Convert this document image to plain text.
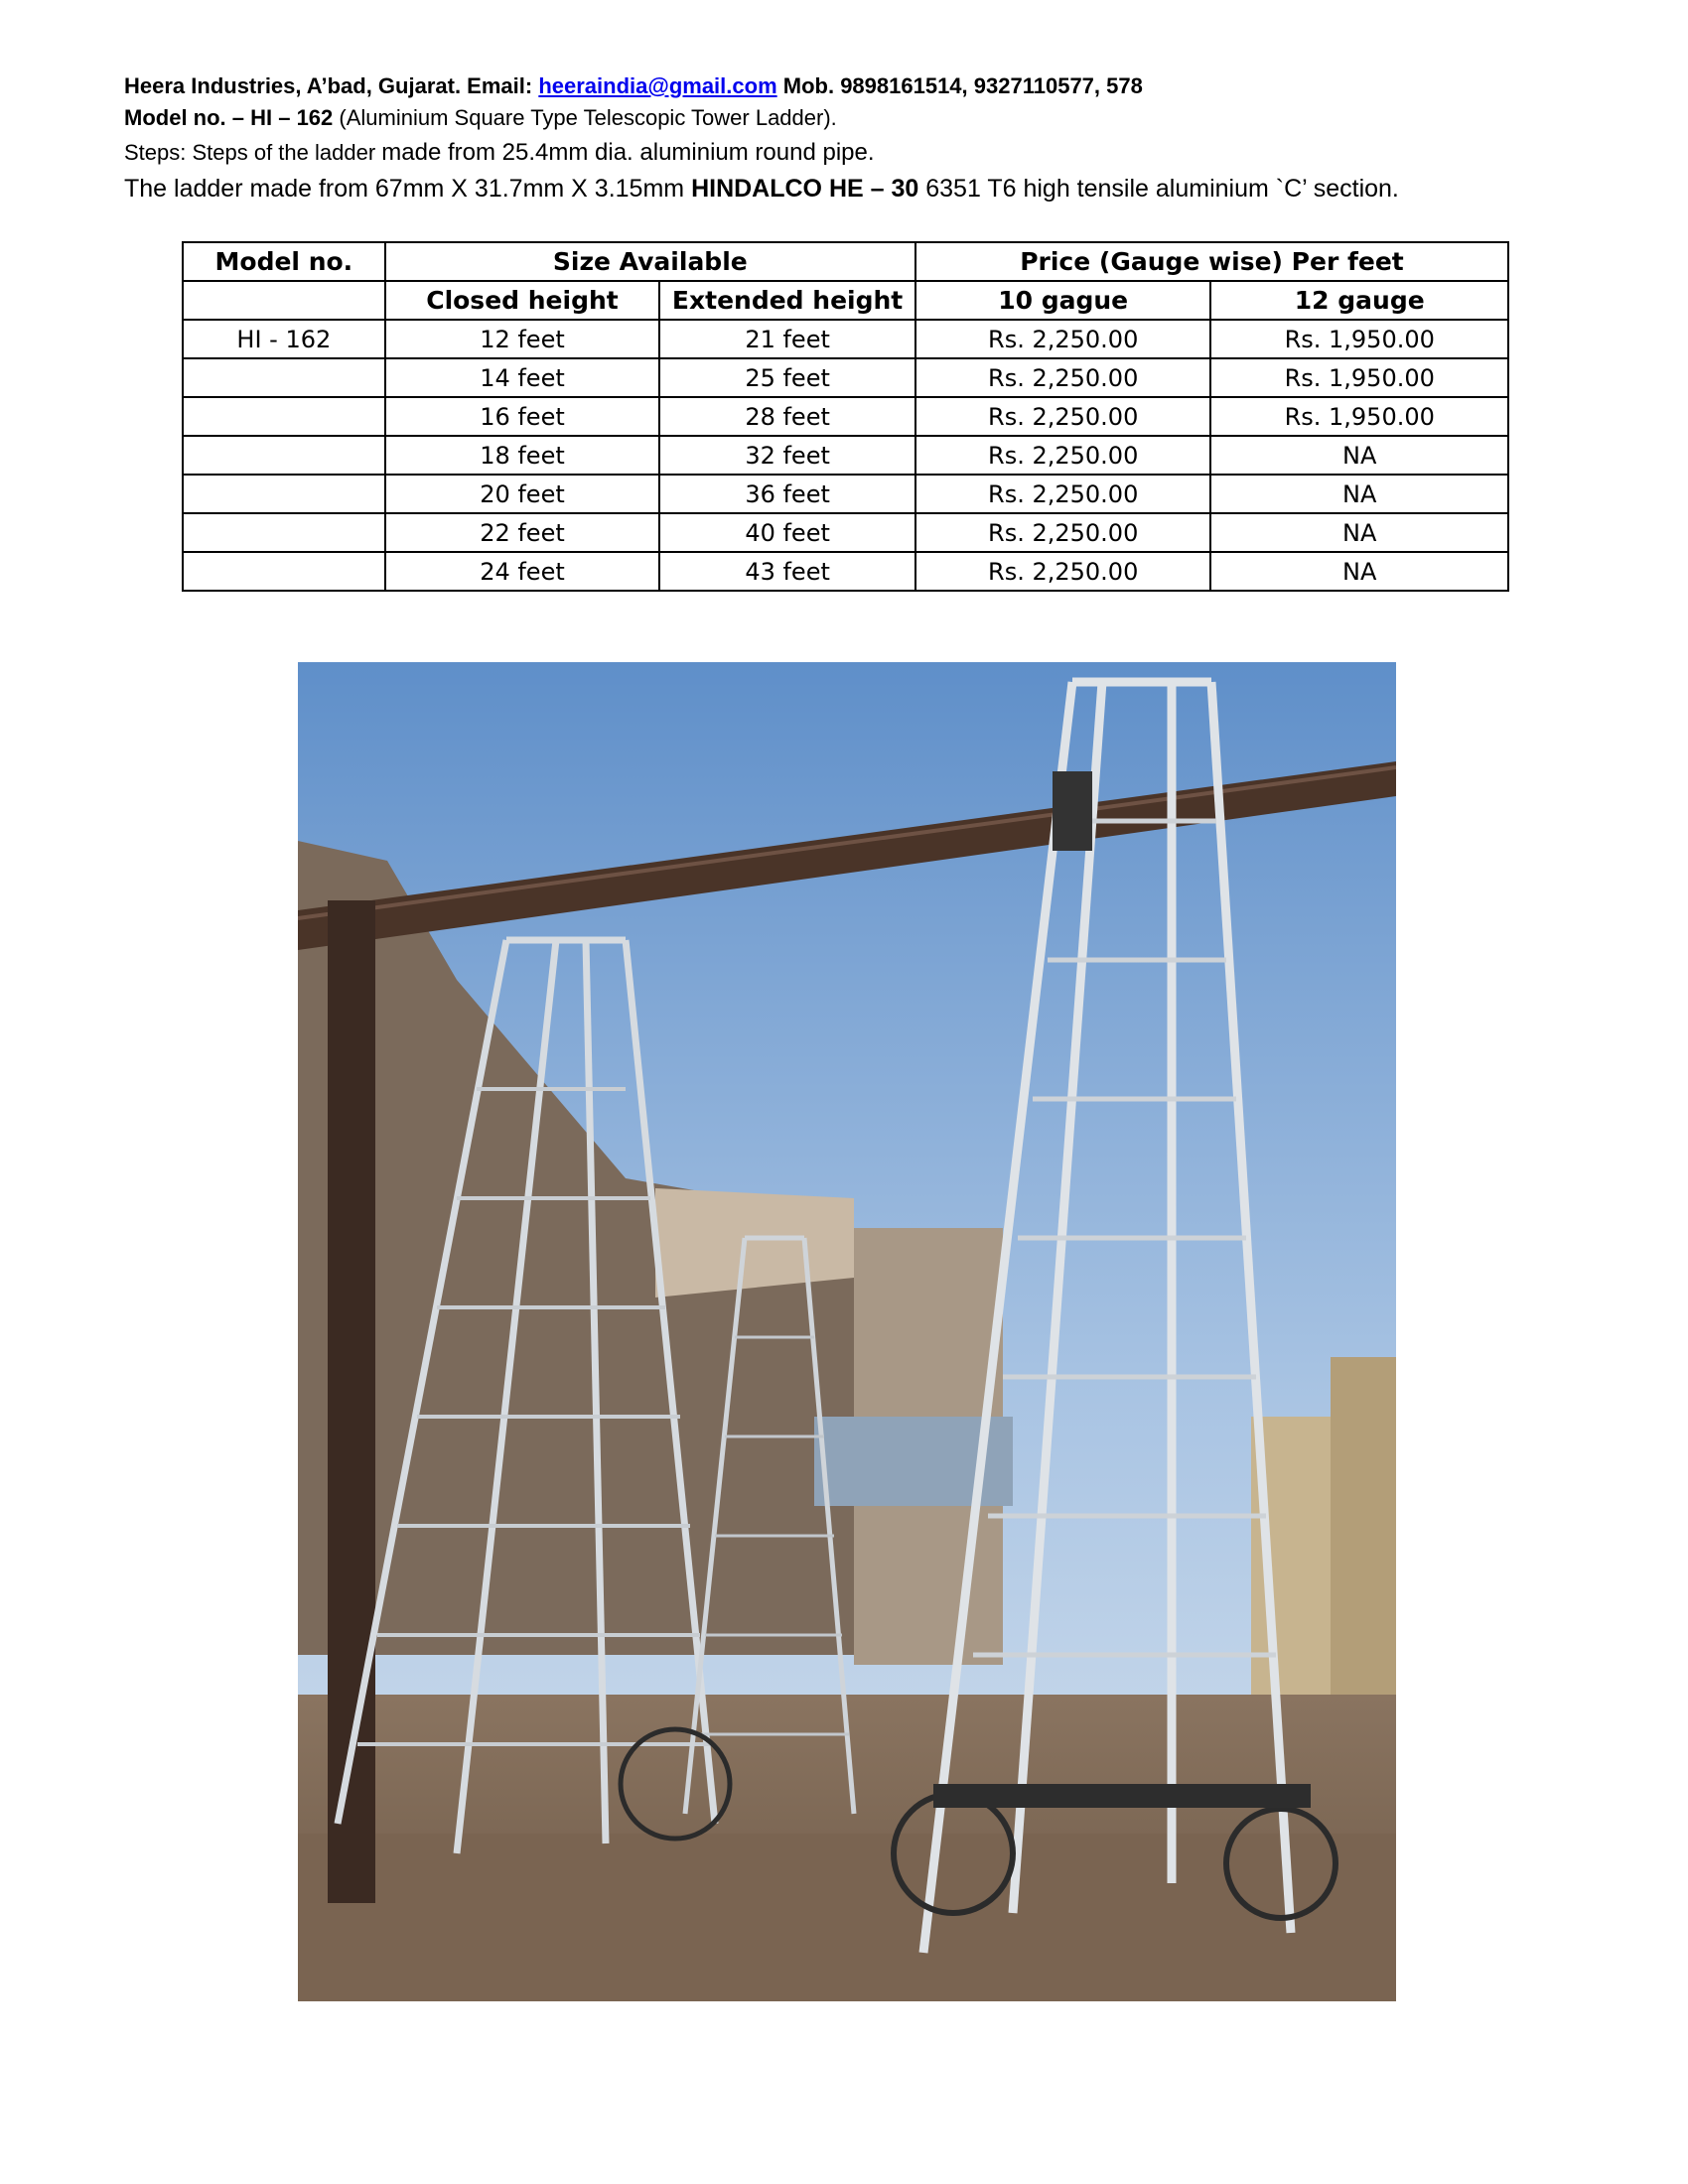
Heera Industries, A’bad, Gujarat. Email: heeraindia@gmail.com Mob. 9898161514, 9327110577, 578
Model no. – HI – 162 (Aluminium Square Type Telescopic Tower Ladder).
Steps: Steps of the ladder made from 25.4mm dia. aluminium round pipe.
The ladder made from 67mm X 31.7mm X 3.15mm HINDALCO HE – 30 6351 T6 high tensile aluminium `C’ section.
Model no.	Size Available		Price (Gauge wise) Per feet	
	Closed height	Extended height	10 gague	12 gauge
HI - 162	12 feet	21 feet	Rs. 2,250.00	Rs. 1,950.00
	14 feet	25 feet	Rs. 2,250.00	Rs. 1,950.00
	16 feet	28 feet	Rs. 2,250.00	Rs. 1,950.00
	18 feet	32 feet	Rs. 2,250.00	NA
	20 feet	36 feet	Rs. 2,250.00	NA
	22 feet	40 feet	Rs. 2,250.00	NA
	24 feet	43 feet	Rs. 2,250.00	NA
